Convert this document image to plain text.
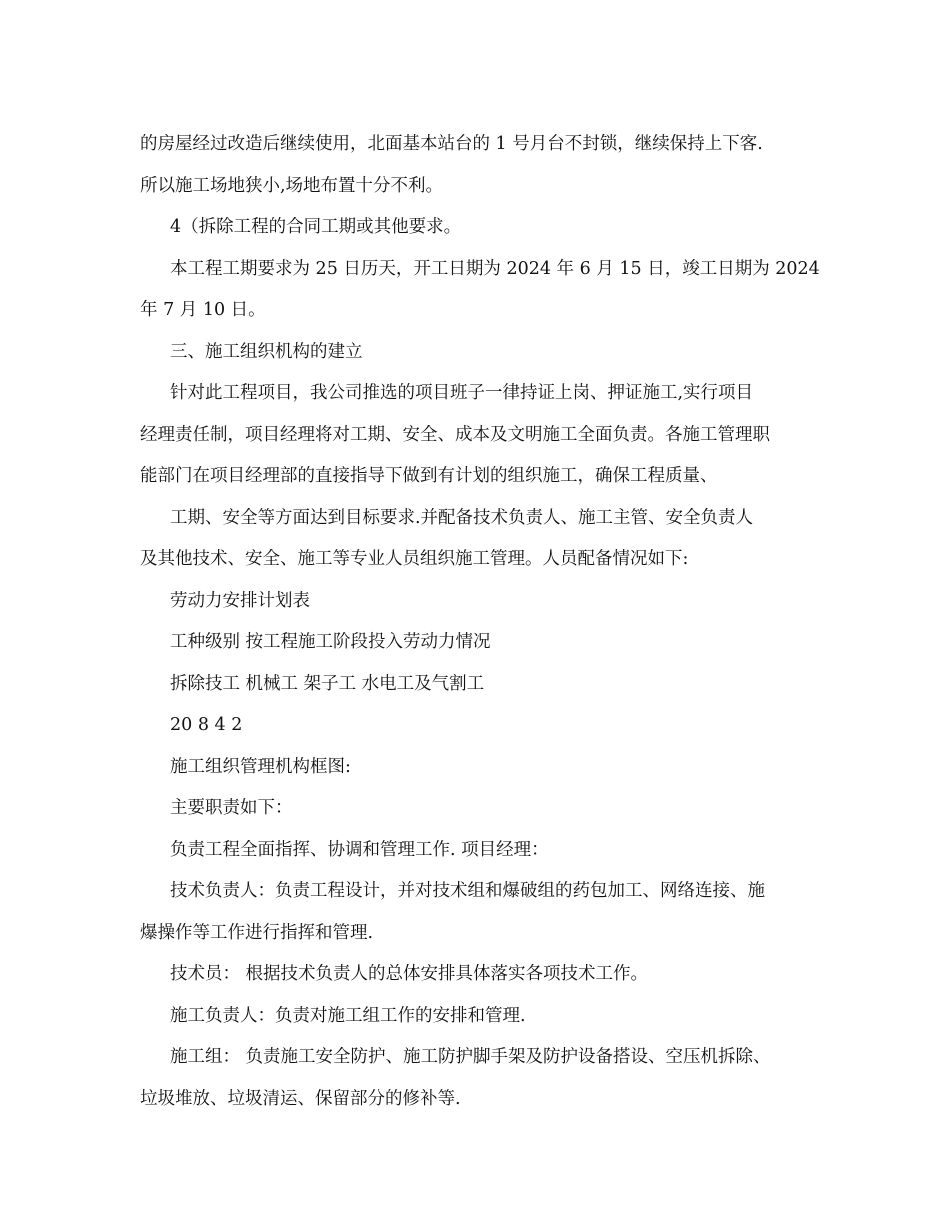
的房屋经过改造后继续使用，北面基本站台的 1 号月台不封锁，继续保持上下客.

所以施工场地狭小,场地布置十分不利。

4（拆除工程的合同工期或其他要求。

本工程工期要求为 25 日历天，开工日期为 2024 年 6 月 15 日，竣工日期为 2024

年 7 月 10 日。

三、施工组织机构的建立

针对此工程项目，我公司推选的项目班子一律持证上岗、押证施工,实行项目

经理责任制，项目经理将对工期、安全、成本及文明施工全面负责。各施工管理职

能部门在项目经理部的直接指导下做到有计划的组织施工，确保工程质量、

工期、安全等方面达到目标要求.并配备技术负责人、施工主管、安全负责人

及其他技术、安全、施工等专业人员组织施工管理。人员配备情况如下:

劳动力安排计划表

工种级别 按工程施工阶段投入劳动力情况

拆除技工 机械工 架子工 水电工及气割工

20 8 4 2

施工组织管理机构框图:

主要职责如下：

负责工程全面指挥、协调和管理工作. 项目经理：

技术负责人：负责工程设计，并对技术组和爆破组的药包加工、网络连接、施

爆操作等工作进行指挥和管理.

技术员： 根据技术负责人的总体安排具体落实各项技术工作。

施工负责人：负责对施工组工作的安排和管理.

施工组： 负责施工安全防护、施工防护脚手架及防护设备搭设、空压机拆除、

垃圾堆放、垃圾清运、保留部分的修补等.
